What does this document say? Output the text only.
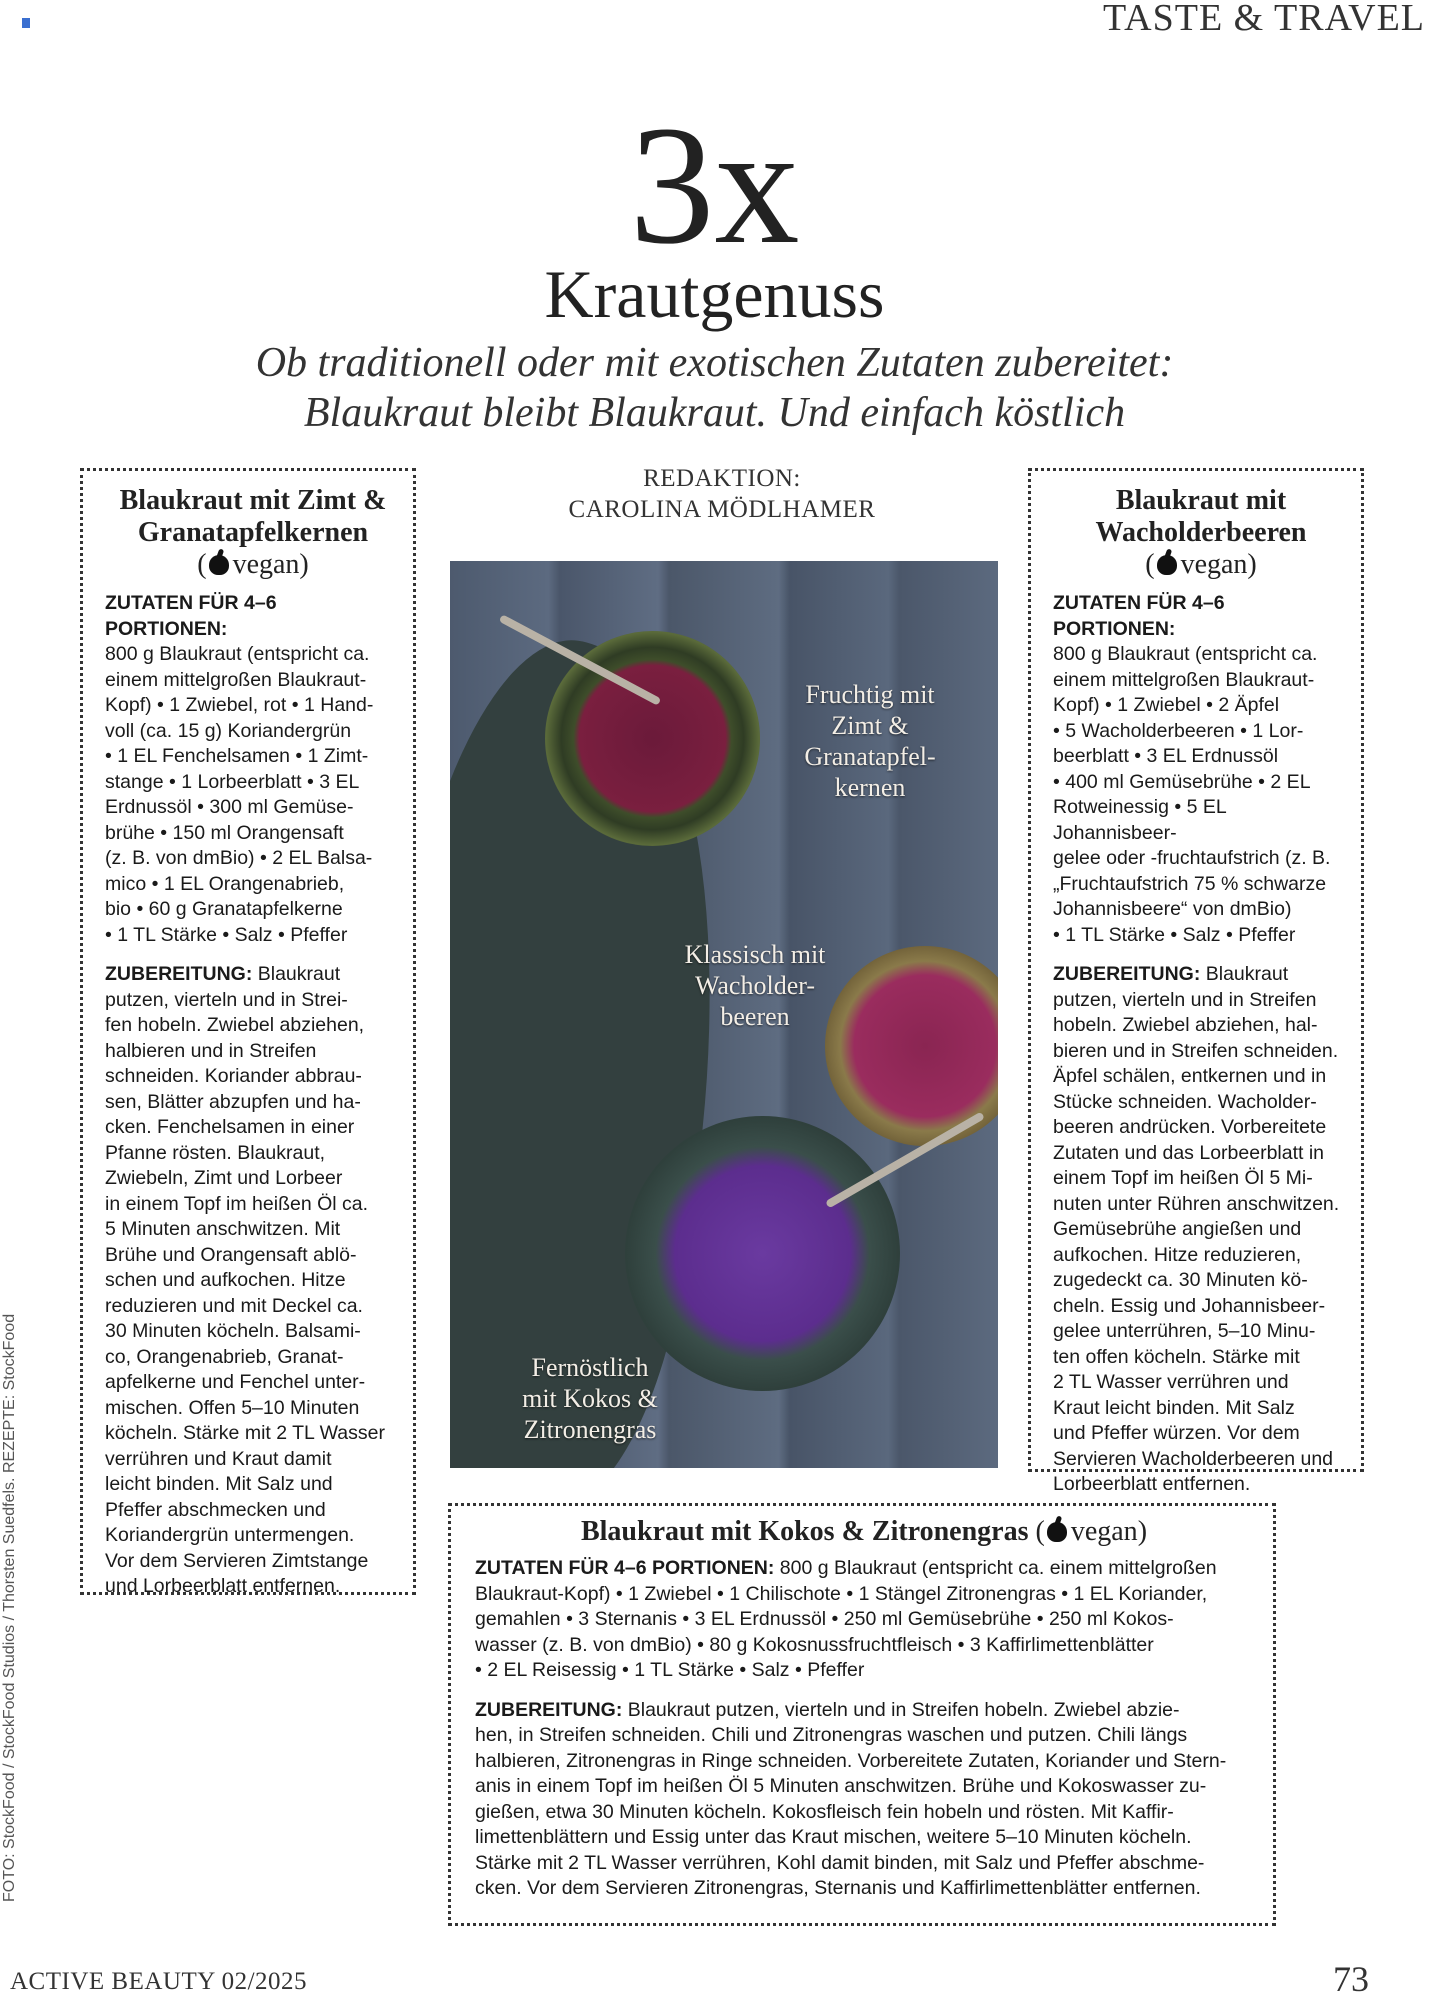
TASTE & TRAVEL
3x
Krautgenuss
Ob traditionell oder mit exotischen Zutaten zubereitet:
Blaukraut bleibt Blaukraut. Und einfach köstlich
Blaukraut mit Zimt &
Granatapfelkernen
( vegan)
ZUTATEN FÜR 4–6 PORTIONEN:
800 g Blaukraut (entspricht ca.
einem mittelgroßen Blaukraut-
Kopf) • 1 Zwiebel, rot • 1 Hand-
voll (ca. 15 g) Koriandergrün
• 1 EL Fenchelsamen • 1 Zimt-
stange • 1 Lorbeerblatt • 3 EL
Erdnussöl • 300 ml Gemüse-
brühe • 150 ml Orangensaft
(z. B. von dmBio) • 2 EL Balsa-
mico • 1 EL Orangenabrieb,
bio • 60 g Granatapfelkerne
• 1 TL Stärke • Salz • Pfeffer
ZUBEREITUNG: Blaukraut
putzen, vierteln und in Strei-
fen hobeln. Zwiebel abziehen,
halbieren und in Streifen
schneiden. Koriander abbrau-
sen, Blätter abzupfen und ha-
cken. Fenchelsamen in einer
Pfanne rösten. Blaukraut,
Zwiebeln, Zimt und Lorbeer
in einem Topf im heißen Öl ca.
5 Minuten anschwitzen. Mit
Brühe und Orangensaft ablö-
schen und aufkochen. Hitze
reduzieren und mit Deckel ca.
30 Minuten köcheln. Balsami-
co, Orangenabrieb, Granat-
apfelkerne und Fenchel unter-
mischen. Offen 5–10 Minuten
köcheln. Stärke mit 2 TL Wasser
verrühren und Kraut damit
leicht binden. Mit Salz und
Pfeffer abschmecken und
Koriandergrün untermengen.
Vor dem Servieren Zimtstange
und Lorbeerblatt entfernen.
REDAKTION:
CAROLINA MÖDLHAMER
Fruchtig mit
Zimt &
Granatapfel-
kernen
Klassisch mit
Wacholder-
beeren
Fernöstlich
mit Kokos &
Zitronengras
Blaukraut mit
Wacholderbeeren
( vegan)
ZUTATEN FÜR 4–6 PORTIONEN:
800 g Blaukraut (entspricht ca.
einem mittelgroßen Blaukraut-
Kopf) • 1 Zwiebel • 2 Äpfel
• 5 Wacholderbeeren • 1 Lor-
beerblatt • 3 EL Erdnussöl
• 400 ml Gemüsebrühe • 2 EL
Rotweinessig • 5 EL Johannisbeer-
gelee oder -fruchtaufstrich (z. B.
„Fruchtaufstrich 75 % schwarze
Johannisbeere“ von dmBio)
• 1 TL Stärke • Salz • Pfeffer
ZUBEREITUNG: Blaukraut
putzen, vierteln und in Streifen
hobeln. Zwiebel abziehen, hal-
bieren und in Streifen schneiden.
Äpfel schälen, entkernen und in
Stücke schneiden. Wacholder-
beeren andrücken. Vorbereitete
Zutaten und das Lorbeerblatt in
einem Topf im heißen Öl 5 Mi-
nuten unter Rühren anschwitzen.
Gemüsebrühe angießen und
aufkochen. Hitze reduzieren,
zugedeckt ca. 30 Minuten kö-
cheln. Essig und Johannisbeer-
gelee unterrühren, 5–10 Minu-
ten offen köcheln. Stärke mit
2 TL Wasser verrühren und
Kraut leicht binden. Mit Salz
und Pfeffer würzen. Vor dem
Servieren Wacholderbeeren und
Lorbeerblatt entfernen.
Blaukraut mit Kokos & Zitronengras ( vegan)
ZUTATEN FÜR 4–6 PORTIONEN: 800 g Blaukraut (entspricht ca. einem mittelgroßen
Blaukraut-Kopf) • 1 Zwiebel • 1 Chilischote • 1 Stängel Zitronengras • 1 EL Koriander,
gemahlen • 3 Sternanis • 3 EL Erdnussöl • 250 ml Gemüsebrühe • 250 ml Kokos-
wasser (z. B. von dmBio) • 80 g Kokosnussfruchtfleisch • 3 Kaffirlimettenblätter
• 2 EL Reisessig • 1 TL Stärke • Salz • Pfeffer
ZUBEREITUNG: Blaukraut putzen, vierteln und in Streifen hobeln. Zwiebel abzie-
hen, in Streifen schneiden. Chili und Zitronengras waschen und putzen. Chili längs
halbieren, Zitronengras in Ringe schneiden. Vorbereitete Zutaten, Koriander und Stern-
anis in einem Topf im heißen Öl 5 Minuten anschwitzen. Brühe und Kokoswasser zu-
gießen, etwa 30 Minuten köcheln. Kokosfleisch fein hobeln und rösten. Mit Kaffir-
limettenblättern und Essig unter das Kraut mischen, weitere 5–10 Minuten köcheln.
Stärke mit 2 TL Wasser verrühren, Kohl damit binden, mit Salz und Pfeffer abschme-
cken. Vor dem Servieren Zitronengras, Sternanis und Kaffirlimettenblätter entfernen.
FOTO: StockFood / StockFood Studios / Thorsten Suedfels. REZEPTE: StockFood
ACTIVE BEAUTY 02/2025	73
